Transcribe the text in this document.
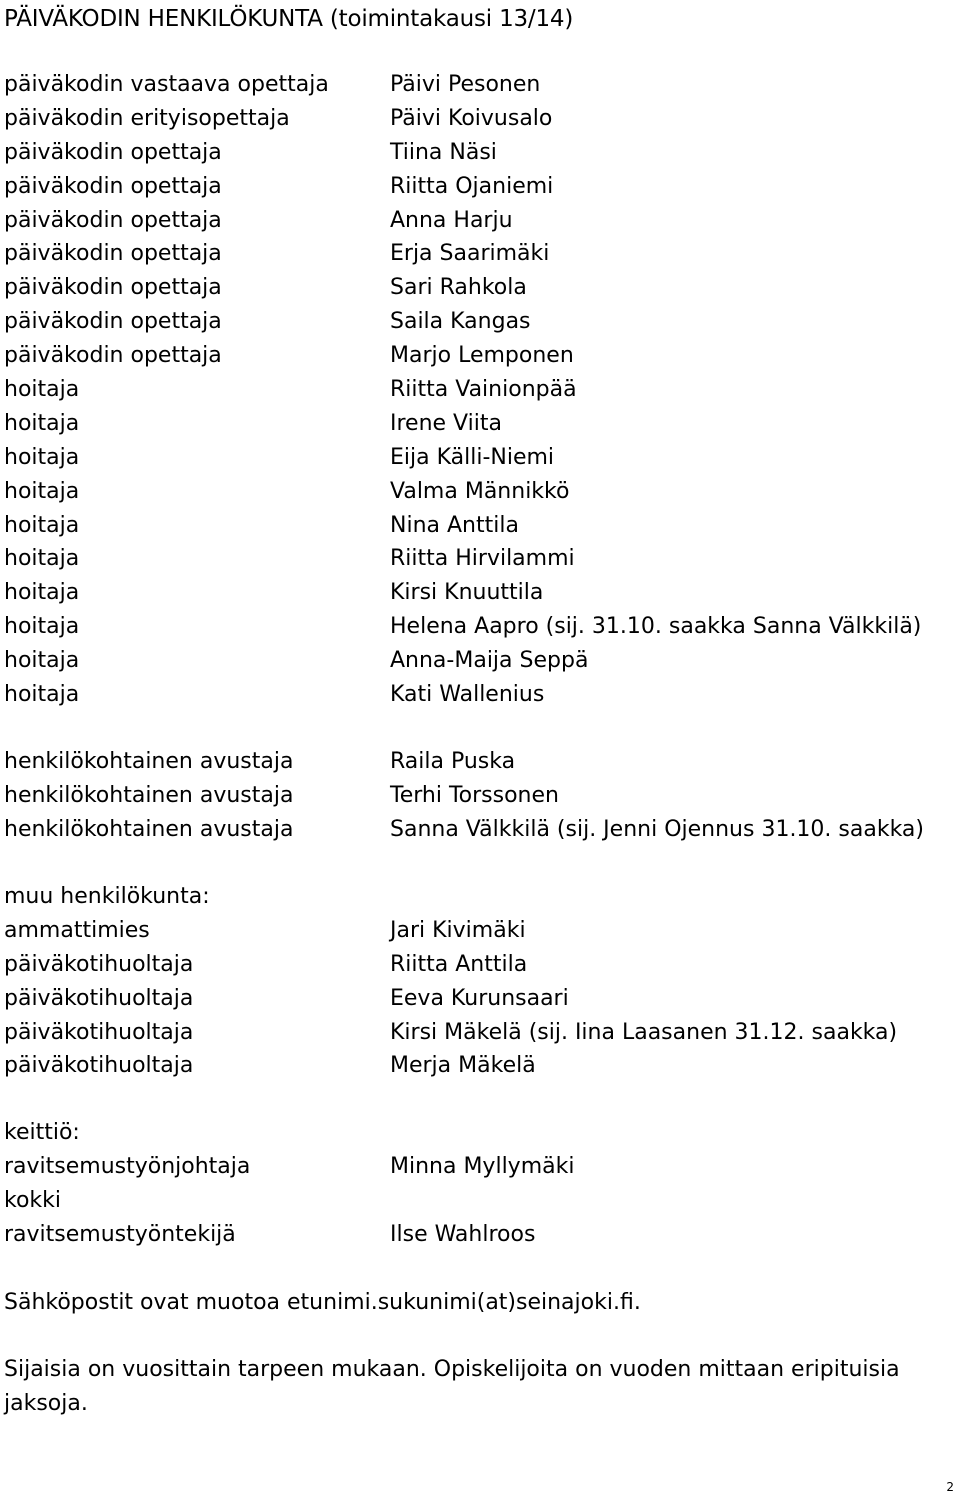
PÄIVÄKODIN HENKILÖKUNTA (toimintakausi 13/14)
päiväkodin vastaava opettaja	Päivi Pesonen
päiväkodin erityisopettaja	Päivi Koivusalo
päiväkodin opettaja	Tiina Näsi
päiväkodin opettaja	Riitta Ojaniemi
päiväkodin opettaja	Anna Harju
päiväkodin opettaja	Erja Saarimäki
päiväkodin opettaja	Sari Rahkola
päiväkodin opettaja	Saila Kangas
päiväkodin opettaja	Marjo Lemponen
hoitaja	Riitta Vainionpää
hoitaja	Irene Viita
hoitaja	Eija Källi-Niemi
hoitaja	Valma Männikkö
hoitaja	Nina Anttila
hoitaja	Riitta Hirvilammi
hoitaja	Kirsi Knuuttila
hoitaja	Helena Aapro (sij. 31.10. saakka Sanna Välkkilä)
hoitaja	Anna-Maija Seppä
hoitaja	Kati Wallenius
henkilökohtainen avustaja	Raila Puska
henkilökohtainen avustaja	Terhi Torssonen
henkilökohtainen avustaja	Sanna Välkkilä (sij. Jenni Ojennus 31.10. saakka)
muu henkilökunta:
ammattimies	Jari Kivimäki
päiväkotihuoltaja	Riitta Anttila
päiväkotihuoltaja	Eeva Kurunsaari
päiväkotihuoltaja	Kirsi Mäkelä (sij. Iina Laasanen 31.12. saakka)
päiväkotihuoltaja	Merja Mäkelä
keittiö:
ravitsemustyönjohtaja	Minna Myllymäki
kokki
ravitsemustyöntekijä	Ilse Wahlroos
Sähköpostit ovat muotoa etunimi.sukunimi(at)seinajoki.fi.
Sijaisia on vuosittain tarpeen mukaan. Opiskelijoita on vuoden mittaan eripituisia jaksoja.
2
